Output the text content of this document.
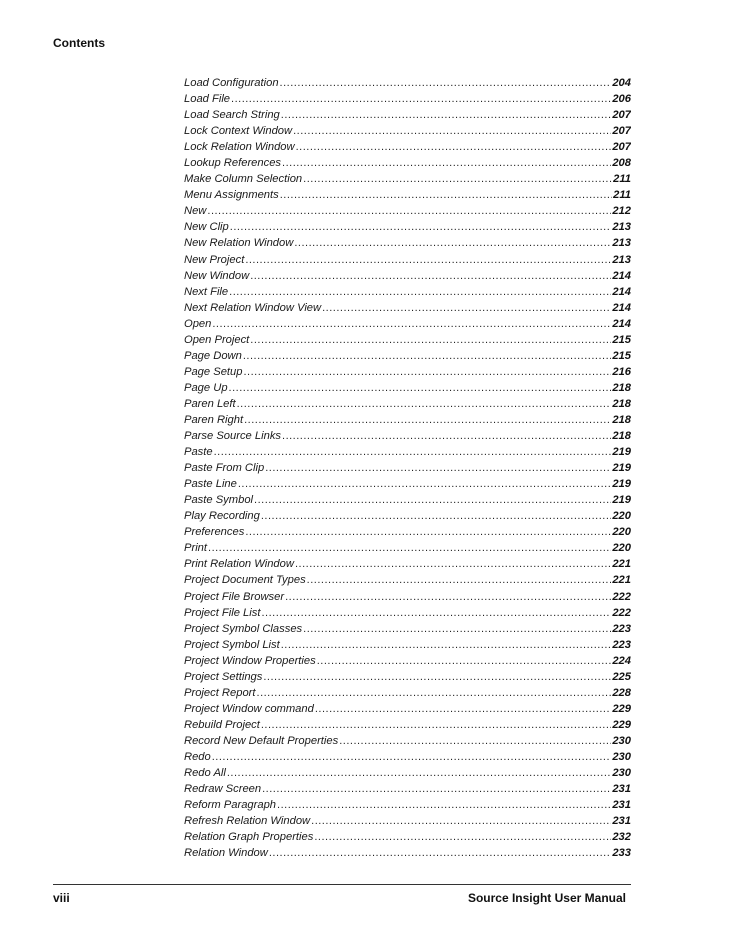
Contents
Load Configuration .....	204
Load File .....	206
Load Search String .....	207
Lock Context Window .....	207
Lock Relation Window .....	207
Lookup References .....	208
Make Column Selection .....	211
Menu Assignments .....	211
New .....	212
New Clip .....	213
New Relation Window .....	213
New Project .....	213
New Window .....	214
Next File .....	214
Next Relation Window View .....	214
Open .....	214
Open Project .....	215
Page Down .....	215
Page Setup .....	216
Page Up .....	218
Paren Left .....	218
Paren Right .....	218
Parse Source Links .....	218
Paste .....	219
Paste From Clip .....	219
Paste Line .....	219
Paste Symbol .....	219
Play Recording .....	220
Preferences .....	220
Print .....	220
Print Relation Window .....	221
Project Document Types .....	221
Project File Browser .....	222
Project File List .....	222
Project Symbol Classes .....	223
Project Symbol List .....	223
Project Window Properties .....	224
Project Settings .....	225
Project Report .....	228
Project Window command .....	229
Rebuild Project .....	229
Record New Default Properties .....	230
Redo .....	230
Redo All .....	230
Redraw Screen .....	231
Reform Paragraph .....	231
Refresh Relation Window .....	231
Relation Graph Properties .....	232
Relation Window .....	233
viii	Source Insight User Manual
